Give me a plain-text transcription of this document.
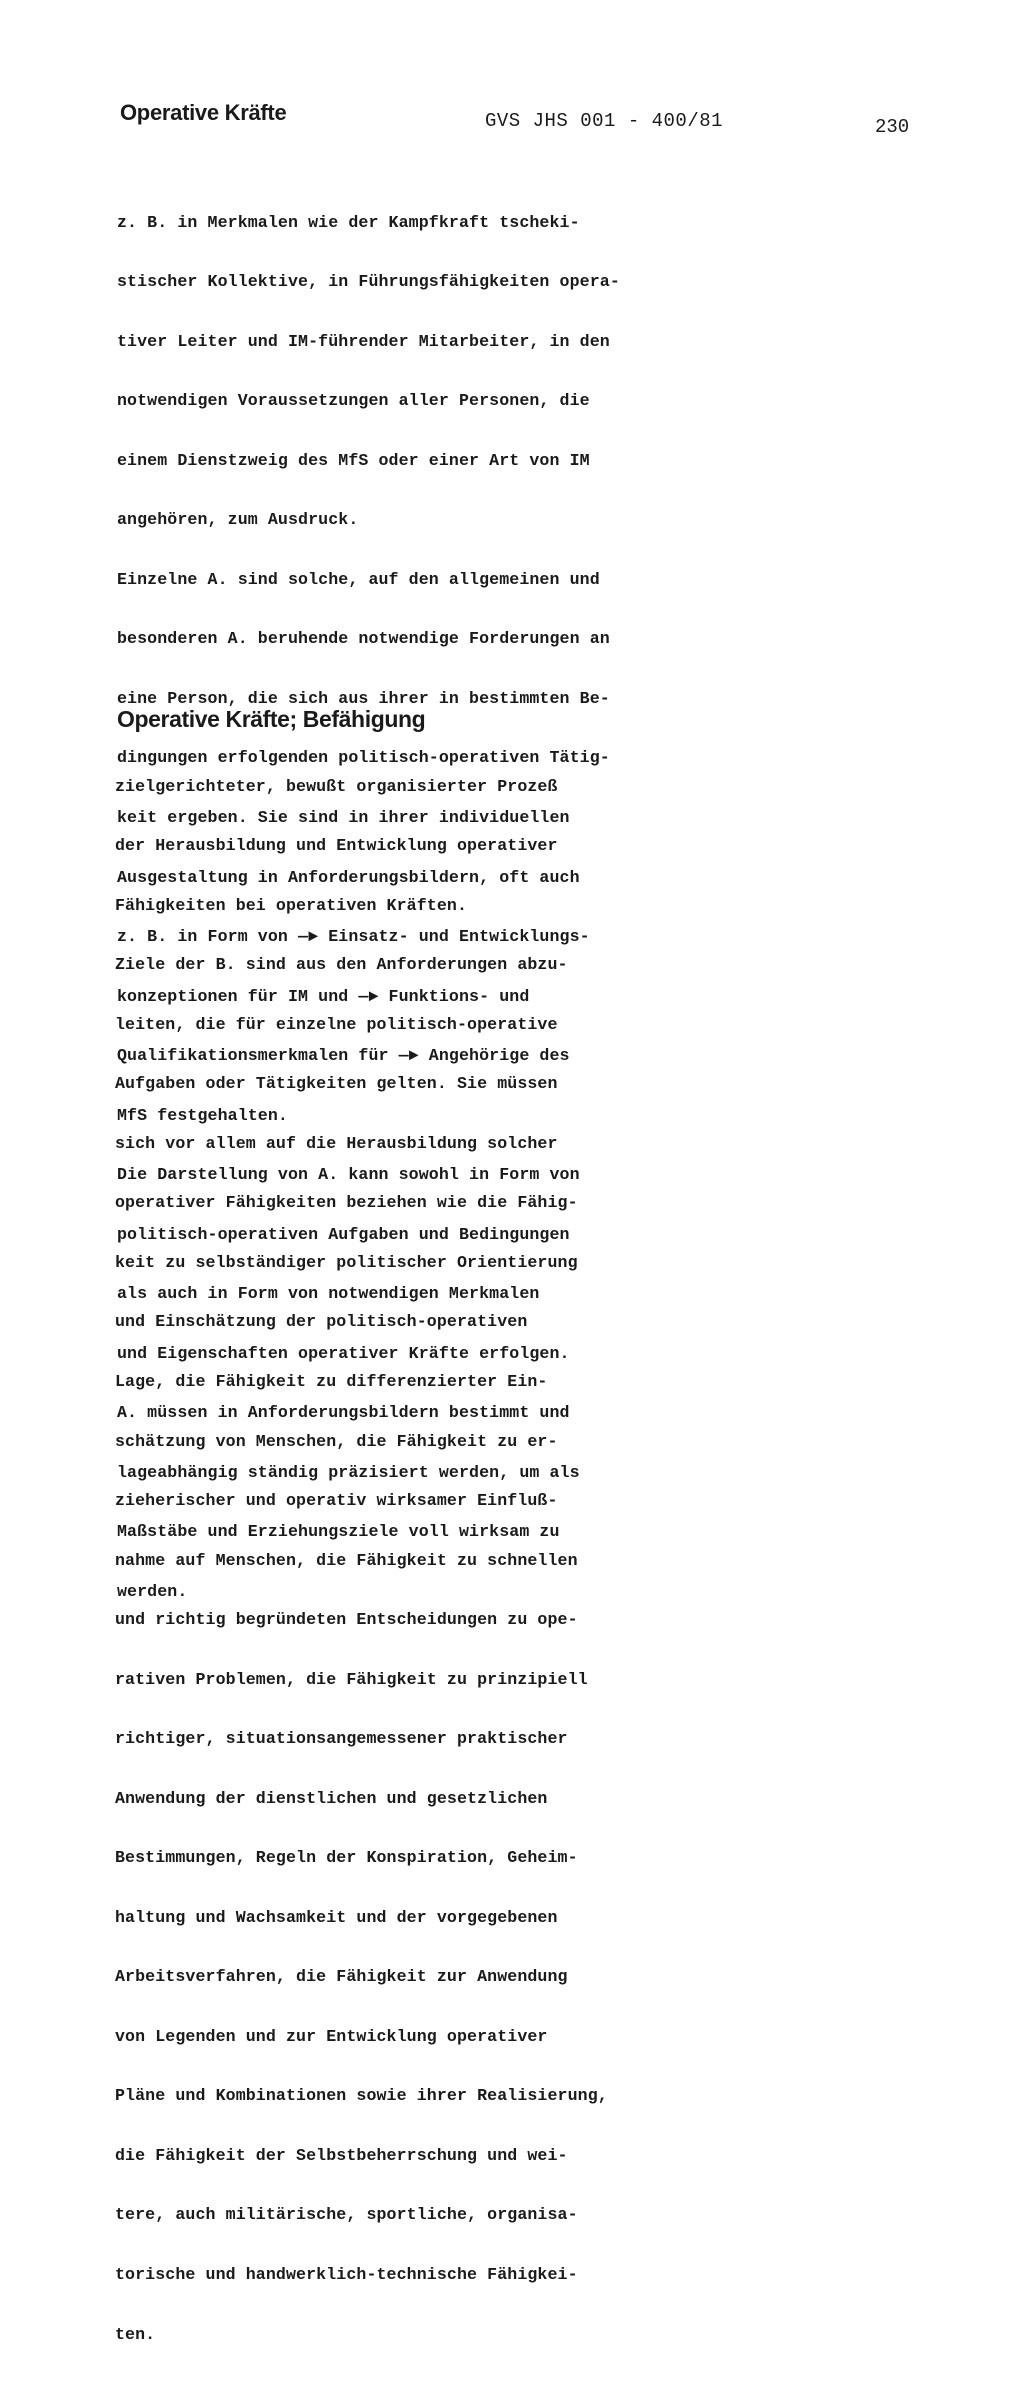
Operative Kräfte	GVS JHS 001 - 400/81	230

z. B. in Merkmalen wie der Kampfkraft tscheki-

stischer Kollektive, in Führungsfähigkeiten opera-

tiver Leiter und IM-führender Mitarbeiter, in den

notwendigen Voraussetzungen aller Personen, die

einem Dienstzweig des MfS oder einer Art von IM

angehören, zum Ausdruck.

Einzelne A. sind solche, auf den allgemeinen und

besonderen A. beruhende notwendige Forderungen an

eine Person, die sich aus ihrer in bestimmten Be-

dingungen erfolgenden politisch-operativen Tätig-

keit ergeben. Sie sind in ihrer individuellen

Ausgestaltung in Anforderungsbildern, oft auch

z. B. in Form von —► Einsatz- und Entwicklungs-

konzeptionen für IM und —► Funktions- und

Qualifikationsmerkmalen für —► Angehörige des

MfS festgehalten.

Die Darstellung von A. kann sowohl in Form von

politisch-operativen Aufgaben und Bedingungen

als auch in Form von notwendigen Merkmalen

und Eigenschaften operativer Kräfte erfolgen.

A. müssen in Anforderungsbildern bestimmt und

lageabhängig ständig präzisiert werden, um als

Maßstäbe und Erziehungsziele voll wirksam zu

werden.

Operative Kräfte; Befähigung

zielgerichteter, bewußt organisierter Prozeß

der Herausbildung und Entwicklung operativer

Fähigkeiten bei operativen Kräften.

Ziele der B. sind aus den Anforderungen abzu-

leiten, die für einzelne politisch-operative

Aufgaben oder Tätigkeiten gelten. Sie müssen

sich vor allem auf die Herausbildung solcher

operativer Fähigkeiten beziehen wie die Fähig-

keit zu selbständiger politischer Orientierung

und Einschätzung der politisch-operativen

Lage, die Fähigkeit zu differenzierter Ein-

schätzung von Menschen, die Fähigkeit zu er-

zieherischer und operativ wirksamer Einfluß-

nahme auf Menschen, die Fähigkeit zu schnellen

und richtig begründeten Entscheidungen zu ope-

rativen Problemen, die Fähigkeit zu prinzipiell

richtiger, situationsangemessener praktischer

Anwendung der dienstlichen und gesetzlichen

Bestimmungen, Regeln der Konspiration, Geheim-

haltung und Wachsamkeit und der vorgegebenen

Arbeitsverfahren, die Fähigkeit zur Anwendung

von Legenden und zur Entwicklung operativer

Pläne und Kombinationen sowie ihrer Realisierung,

die Fähigkeit der Selbstbeherrschung und wei-

tere, auch militärische, sportliche, organisa-

torische und handwerklich-technische Fähigkei-

ten.
